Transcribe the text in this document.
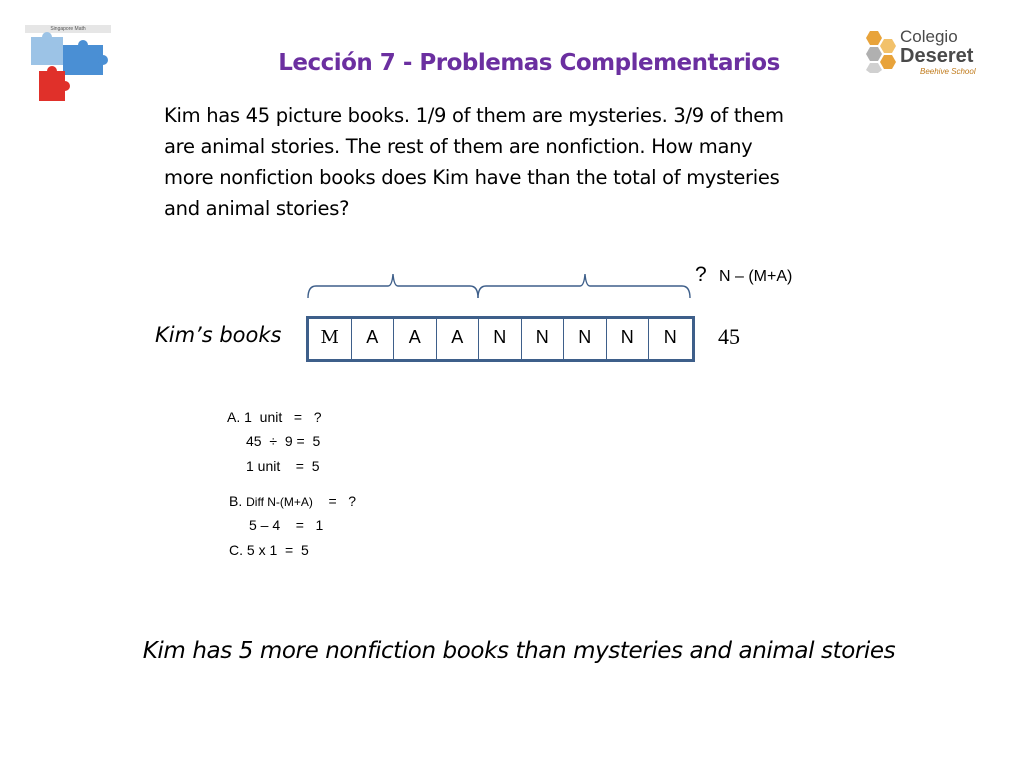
Singapore Math
Lección 7 - Problemas Complementarios
Colegio
Deseret
Beehive School
Kim has 45 picture books. 1/9 of them are mysteries. 3/9 of them
are animal stories. The rest of them are nonfiction. How many
more nonfiction books does Kim have than the total of mysteries
and animal stories?
? N – (M+A)
Kim’s books	M	A	A	A	N	N	N	N	N	45
A. 1  unit   =   ?
45  ÷  9 =  5
1 unit    =  5
B. Diff N-(M+A)    =   ?
5 – 4    =   1
C. 5 x 1  =  5
Kim has 5 more nonfiction books than mysteries and animal stories
